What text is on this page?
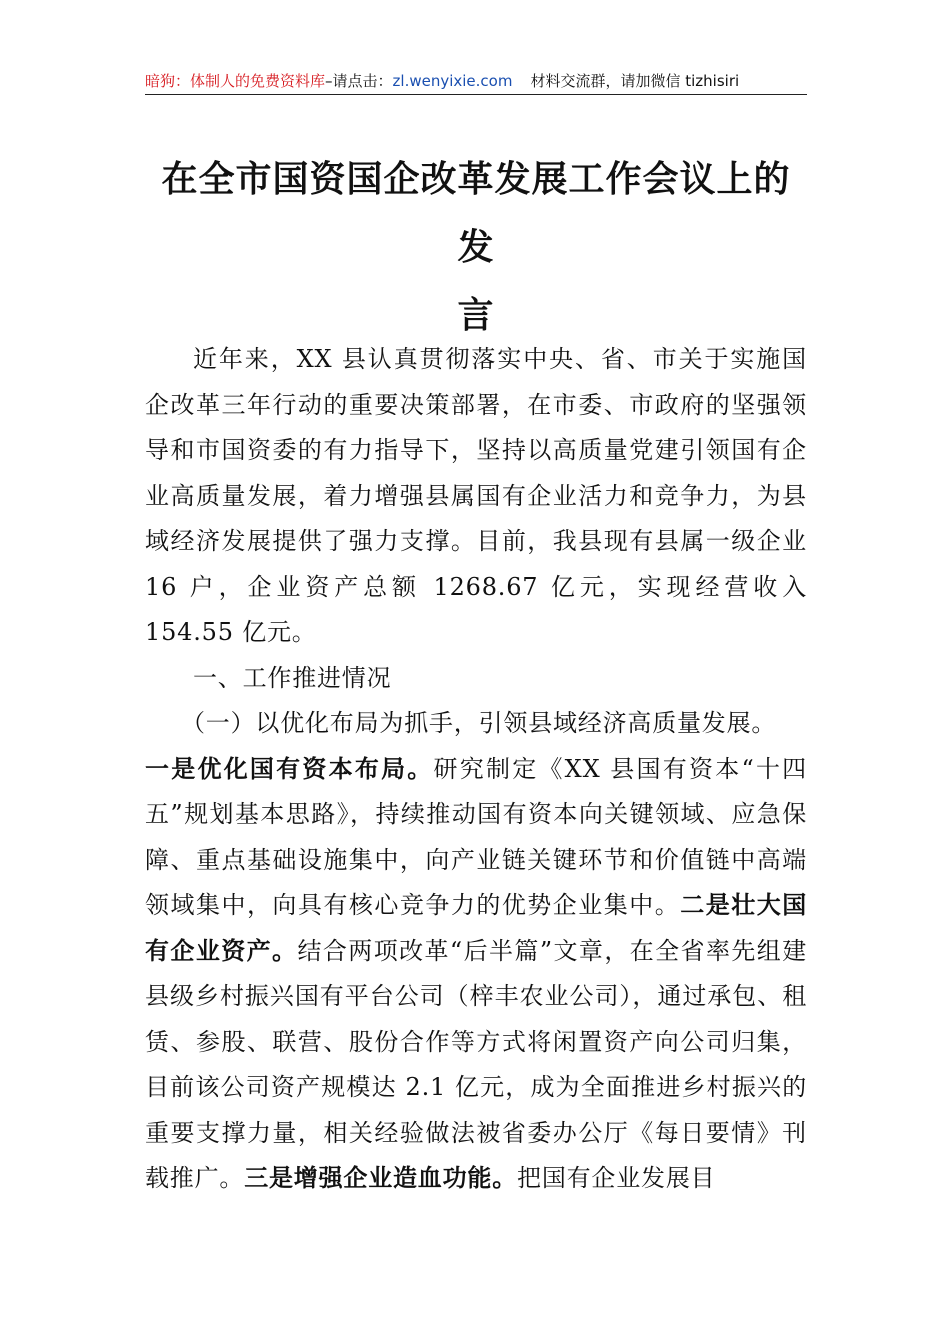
暗狗：体制人的免费资料库–请点击：zl.wenyixie.com 材料交流群，请加微信 tizhisiri
在全市国资国企改革发展工作会议上的发
言

近年来，XX 县认真贯彻落实中央、省、市关于实施国企改革三年行动的重要决策部署，在市委、市政府的坚强领导和市国资委的有力指导下，坚持以高质量党建引领国有企业高质量发展，着力增强县属国有企业活力和竞争力，为县域经济发展提供了强力支撑。目前，我县现有县属一级企业 16 户，企业资产总额 1268.67 亿元，实现经营收入 154.55 亿元。

一、工作推进情况

（一）以优化布局为抓手，引领县域经济高质量发展。

一是优化国有资本布局。研究制定《XX 县国有资本“十四五”规划基本思路》，持续推动国有资本向关键领域、应急保障、重点基础设施集中，向产业链关键环节和价值链中高端领域集中，向具有核心竞争力的优势企业集中。二是壮大国有企业资产。结合两项改革“后半篇”文章，在全省率先组建县级乡村振兴国有平台公司（梓丰农业公司），通过承包、租赁、参股、联营、股份合作等方式将闲置资产向公司归集，目前该公司资产规模达 2.1 亿元，成为全面推进乡村振兴的重要支撑力量，相关经验做法被省委办公厅《每日要情》刊载推广。三是增强企业造血功能。把国有企业发展目
